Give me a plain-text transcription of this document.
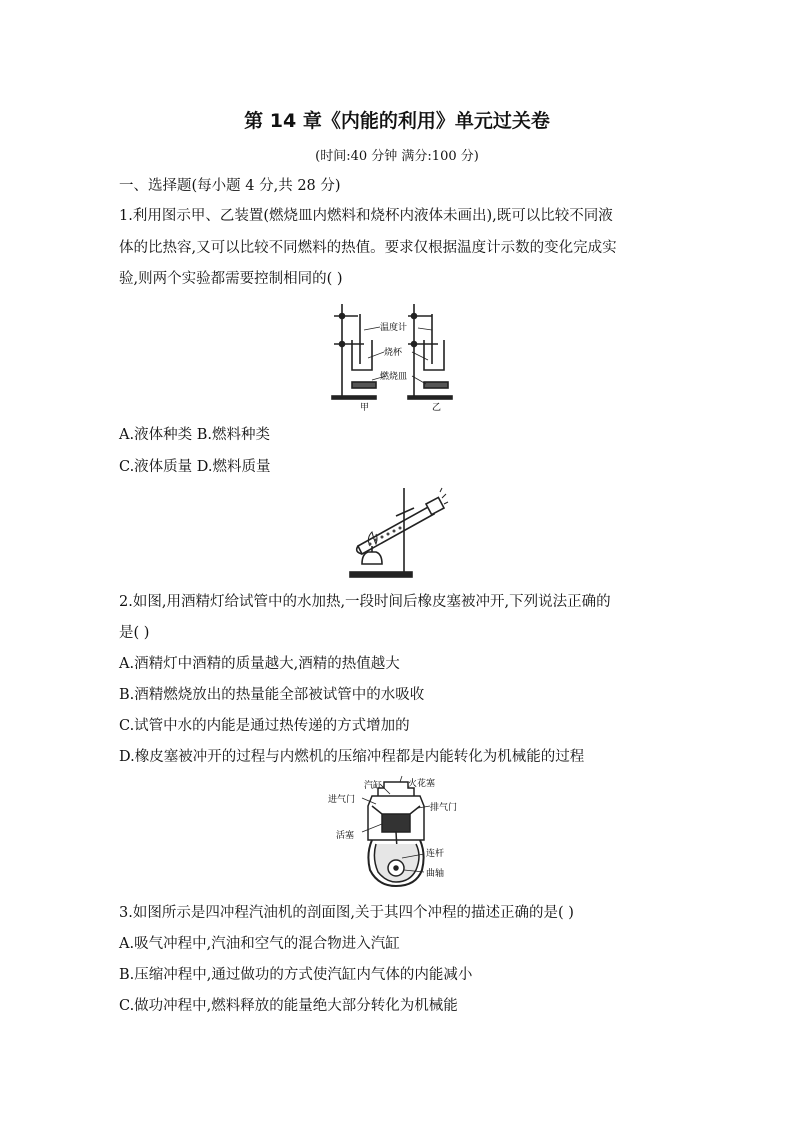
第 14 章《内能的利用》单元过关卷
(时间:40 分钟 满分:100 分)
一、选择题(每小题 4 分,共 28 分)
1.利用图示甲、乙装置(燃烧皿内燃料和烧杯内液体未画出),既可以比较不同液
体的比热容,又可以比较不同燃料的热值。要求仅根据温度计示数的变化完成实
验,则两个实验都需要控制相同的( )
温度计
烧杯
燃烧皿
甲	乙
A.液体种类 B.燃料种类
C.液体质量 D.燃料质量
2.如图,用酒精灯给试管中的水加热,一段时间后橡皮塞被冲开,下列说法正确的
是( )
A.酒精灯中酒精的质量越大,酒精的热值越大
B.酒精燃烧放出的热量能全部被试管中的水吸收
C.试管中水的内能是通过热传递的方式增加的
D.橡皮塞被冲开的过程与内燃机的压缩冲程都是内能转化为机械能的过程
汽缸	火花塞
进气门
排气门
活塞
连杆
曲轴
3.如图所示是四冲程汽油机的剖面图,关于其四个冲程的描述正确的是( )
A.吸气冲程中,汽油和空气的混合物进入汽缸
B.压缩冲程中,通过做功的方式使汽缸内气体的内能减小
C.做功冲程中,燃料释放的能量绝大部分转化为机械能
